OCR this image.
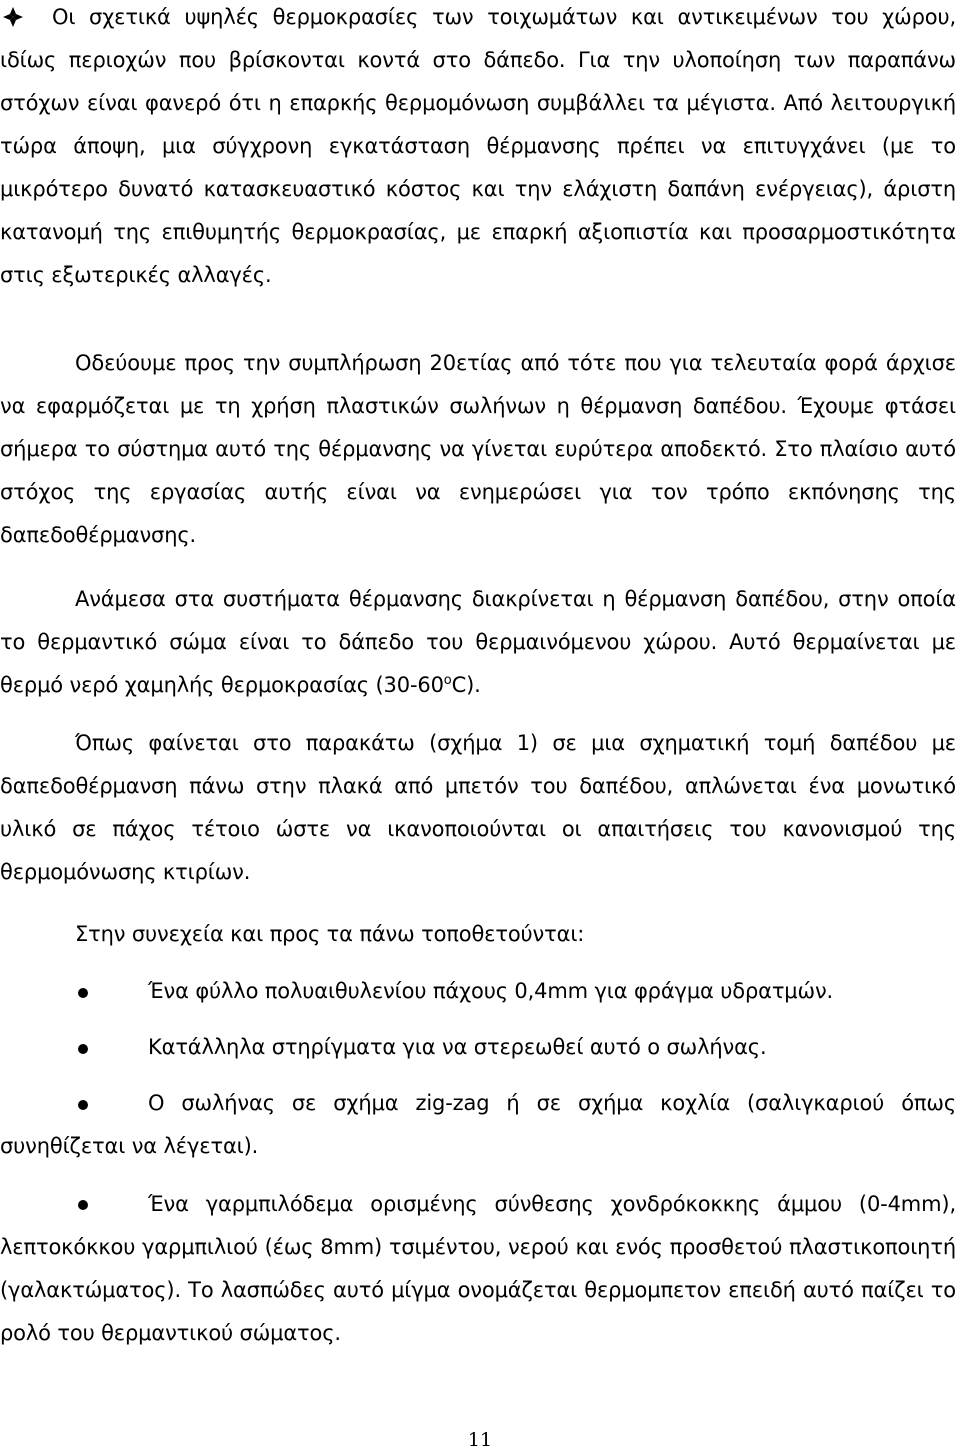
Οι σχετικά υψηλές θερμοκρασίες των τοιχωμάτων και αντικειμένων του χώρου,

ιδίως περιοχών που βρίσκονται κοντά στο δάπεδο. Για την υλοποίηση των παραπάνω στόχων είναι φανερό ότι η επαρκής θερμομόνωση συμβάλλει τα μέγιστα. Από λειτουργική τώρα άποψη, μια σύγχρονη εγκατάσταση θέρμανσης πρέπει να επιτυγχάνει (με το μικρότερο δυνατό κατασκευαστικό κόστος και την ελάχιστη δαπάνη ενέργειας), άριστη κατανομή της επιθυμητής θερμοκρασίας, με επαρκή αξιοπιστία και προσαρμοστικότητα στις εξωτερικές αλλαγές.

Οδεύουμε προς την συμπλήρωση 20ετίας από τότε που για τελευταία φορά άρχισε να εφαρμόζεται με τη χρήση πλαστικών σωλήνων η θέρμανση δαπέδου. Έχουμε φτάσει σήμερα το σύστημα αυτό της θέρμανσης να γίνεται ευρύτερα αποδεκτό. Στο πλαίσιο αυτό στόχος της εργασίας αυτής είναι να ενημερώσει για τον τρόπο εκπόνησης της δαπεδοθέρμανσης.

Ανάμεσα στα συστήματα θέρμανσης διακρίνεται η θέρμανση δαπέδου, στην οποία το θερμαντικό σώμα είναι το δάπεδο του θερμαινόμενου χώρου. Αυτό θερμαίνεται με θερμό νερό χαμηλής θερμοκρασίας (30-60$^o$C).

Όπως φαίνεται στο παρακάτω (σχήμα 1) σε μια σχηματική τομή δαπέδου με δαπεδοθέρμανση πάνω στην πλακά από μπετόν του δαπέδου, απλώνεται ένα μονωτικό υλικό σε πάχος τέτοιο ώστε να ικανοποιούνται οι απαιτήσεις του κανονισμού της θερμομόνωσης κτιρίων.

Στην συνεχεία και προς τα πάνω τοποθετούνται:

Ένα φύλλο πολυαιθυλενίου πάχους 0,4mm για φράγμα υδρατμών.

Κατάλληλα στηρίγματα για να στερεωθεί αυτό ο σωλήνας.

Ο σωλήνας σε σχήμα zig-zag ή σε σχήμα κοχλία (σαλιγκαριού όπως συνηθίζεται να λέγεται).

Ένα γαρμπιλόδεμα ορισμένης σύνθεσης χονδρόκοκκης άμμου (0-4mm), λεπτοκόκκου γαρμπιλιού (έως 8mm) τσιμέντου, νερού και ενός προσθετού πλαστικοποιητή (γαλακτώματος). Το λασπώδες αυτό μίγμα ονομάζεται θερμομπετον επειδή αυτό παίζει το ρολό του θερμαντικού σώματος.

11
